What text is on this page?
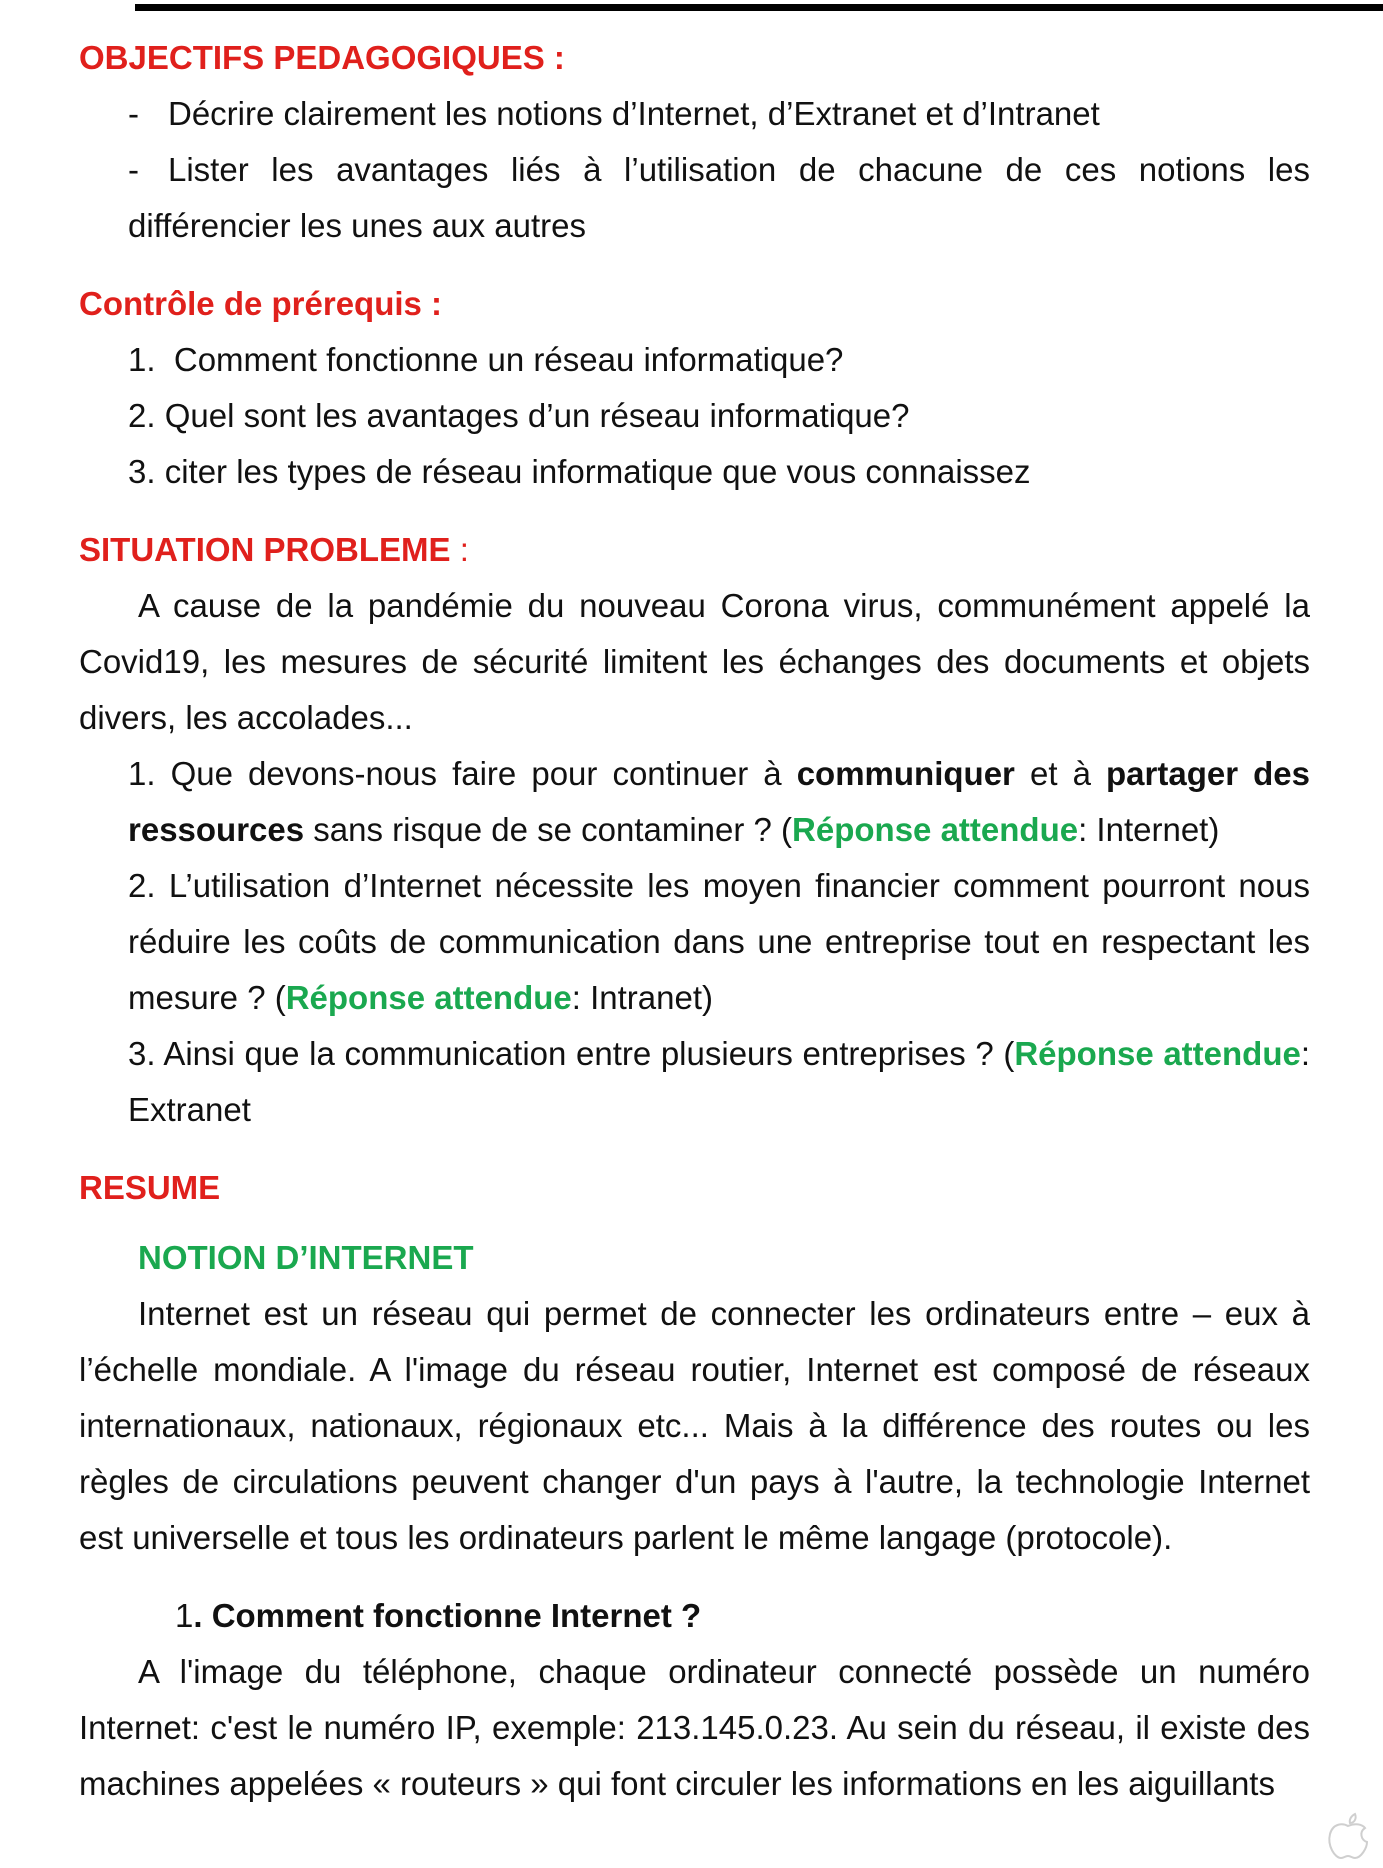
OBJECTIFS PEDAGOGIQUES :
- Décrire clairement les notions d’Internet, d’Extranet et d’Intranet
- Lister les avantages liés à l’utilisation de chacune de ces notions les
différencier les unes aux autres
Contrôle de prérequis :
1.  Comment fonctionne un réseau informatique?
2. Quel sont les avantages d’un réseau informatique?
3. citer les types de réseau informatique que vous connaissez
SITUATION PROBLEME :
A cause de la pandémie du nouveau Corona virus, communément appelé la Covid19, les mesures de sécurité limitent les échanges des documents et objets divers, les accolades...
1. Que devons-nous faire pour continuer à communiquer et à partager des ressources sans risque de se contaminer ? (Réponse attendue: Internet)
2. L’utilisation d’Internet nécessite les moyen financier comment pourront nous réduire les coûts de communication dans une entreprise tout en respectant les mesure ? (Réponse attendue: Intranet)
3. Ainsi que la communication entre plusieurs entreprises ? (Réponse attendue: Extranet
RESUME
NOTION D’INTERNET
Internet est un réseau qui permet de connecter les ordinateurs entre – eux à l’échelle mondiale. A l'image du réseau routier, Internet est composé de réseaux internationaux, nationaux, régionaux etc... Mais à la différence des routes ou les règles de circulations peuvent changer d'un pays à l'autre, la technologie Internet est universelle et tous les ordinateurs parlent le même langage (protocole).
1. Comment fonctionne Internet ?
A l'image du téléphone, chaque ordinateur connecté possède un numéro Internet: c'est le numéro IP, exemple: 213.145.0.23. Au sein du réseau, il existe des machines appelées « routeurs » qui font circuler les informations en les aiguillants
